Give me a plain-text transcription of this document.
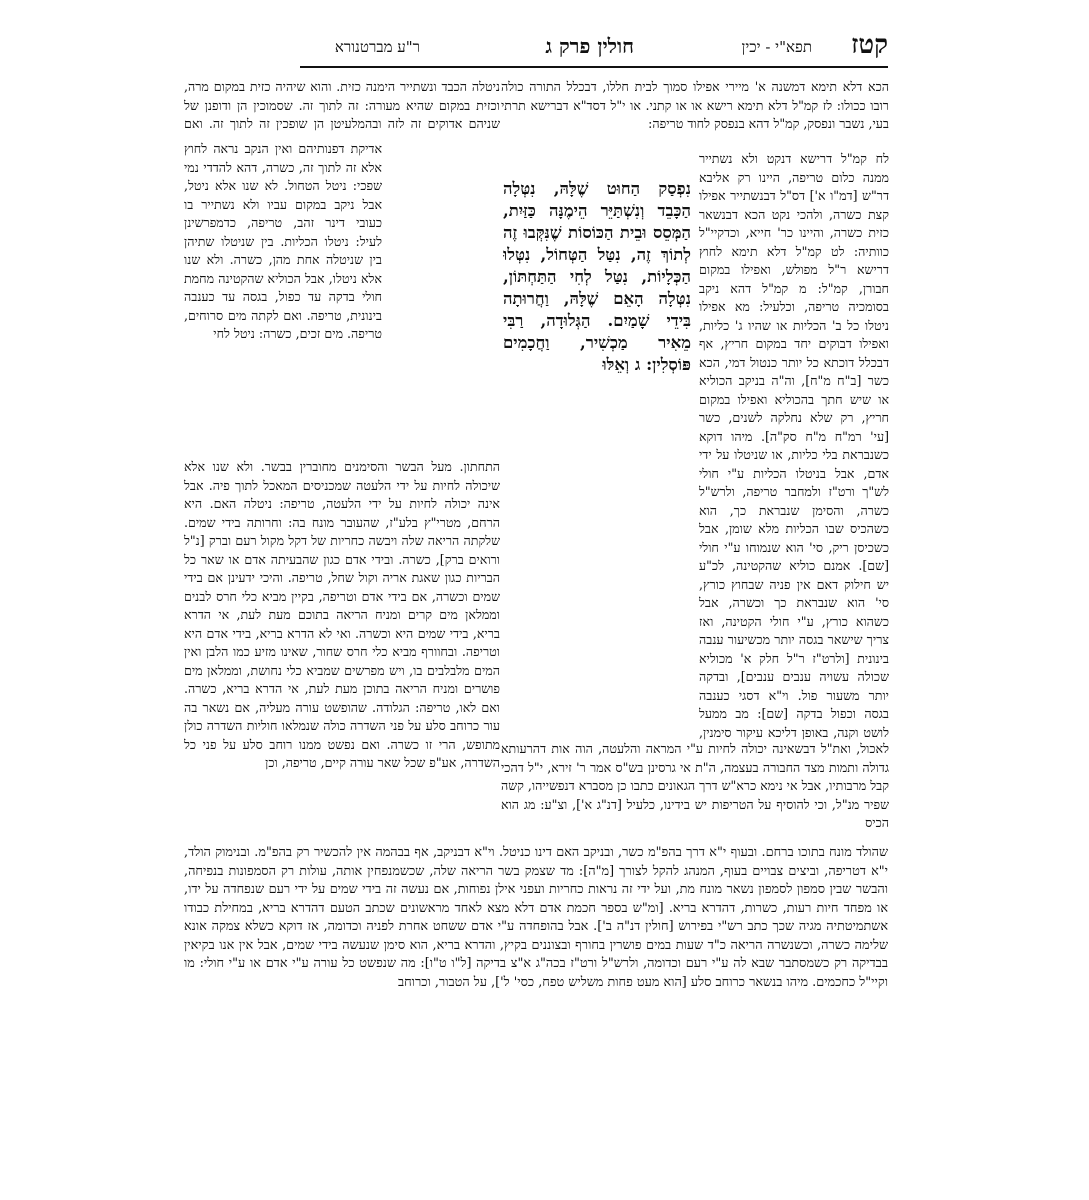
קטז
תפא"י - יכין
חולין פרק ג
ר"ע מברטנורא

הכא דלא תימא דמשנה א' מיירי אפילו סמוך לבית חללו, דבכלל התורה כולה רובו ככולו: לז קמ"ל דלא תימא רישא או או קתני. או י"ל דסד"א דברישא תרתי בעי, נשבר ונפסק, קמ"ל דהא בנפסק לחוד טריפה:

לח קמ"ל דרישא דנקט ולא נשתייר ממנה כלום טריפה, היינו רק אליבא דר"ש [דמ"ו א'] דס"ל דבנשתייר אפילו קצת כשרה, ולהכי נקט הכא דבנשאר כזית כשרה, והיינו כר' חייא, וכדקיי"ל כוותיה: לט קמ"ל דלא תימא לחוץ דרישא ר"ל מפולש, ואפילו במקום חבורן, קמ"ל: מ קמ"ל דהא ניקב בסומכיה טריפה, וכלעיל: מא אפילו ניטלו כל ב' הכליות או שהיו ג' כליות, ואפילו דבוקים יחד במקום חריץ, אף דבכלל דוכתא כל יותר כנטול דמי, הכא כשר [ב"ח מ"ח], וה"ה בניקב הכוליא או שיש חתך בהכוליא ואפילו במקום חריץ, רק שלא נחלקה לשנים, כשר [עי' רמ"ח מ"ח סק"ה]. מיהו דוקא כשנבראת בלי כליות, או שניטלו על ידי אדם, אבל בניטלו הכליות ע"י חולי לש"ך ורט"ז ולמחבר טריפה, ולרש"ל כשרה, והסימן שנבראת כך, הוא כשהכיס שבו הכליות מלא שומן, אבל כשכיסן ריק, סי' הוא שנמוחו ע"י חולי [שם]. אמנם כוליא שהקטינה, לכ"ע יש חילוק דאם אין פניה שבחוץ כורץ, סי' הוא שנבראת כך וכשרה, אבל כשהוא כורץ, ע"י חולי הקטינה, ואז צריך שישאר בגסה יותר מכשיעור ענבה בינונית [ולרט"ז ר"ל חלק א' מכוליא שכולה עשויה ענבים ענבים], ובדקה יותר משעור פול. וי"א דסגי כענבה בגסה וכפול בדקה [שם]: מב ממעל לושט וקנה, באופן דליכא עיקור סימנין,

נִפְסַק הַחוּט שֶׁלָּהּ, נִטְּלָה הַכָּבֵד וְנִשְׁתַּיֵּר הֵימֶנָּה כַּזַּיִת, הַמְּסֵס וּבֵית הַכּוֹסוֹת שֶׁנִּקְּבוּ זֶה לְתוֹךְ זֶה, נִטַּל הַטְּחוֹל, נִטְּלוּ הַכְּלָיוֹת, נִטַּל לְחִי הַתַּחְתּוֹן, נִטְּלָה הָאֵם שֶׁלָּהּ, וַחֲרוּתָה בִּידֵי שָׁמַיִם. הַגְּלוּדָה, רַבִּי מֵאִיר מַכְשִׁיר, וַחֲכָמִים פּוֹסְלִין: ג וְאֵלּוּ

לאכול, ואת"ל דבשאינה יכולה לחיות ע"י המראה והלעטה, הוה אות דהרעותא גדולה ותמות מצד החבורה בעצמה, ה"ת אי גרסינן בש"ס אמר ר' זירא, י"ל דהכי קבל מרבותיו, אבל אי נימא כרא"ש דרך הגאונים כתבו כן מסברא דנפשייהו, קשה שפיר מנ"ל, וכי להוסיף על הטריפות יש בידינו, כלעיל [דנ"ג א'], וצ"ע: מג הוא הכיס

ניטלה הכבד ונשתייר הימנה כזית. והוא שיהיה כזית במקום מרה, וכזית במקום שהיא מעורה: זה לתוך זה. שסמוכין הן ודופנן של שניהם אדוקים זה לזה ובהמלעיטן הן שופכין זה לתוך זה. ואם

אדיקת דפנותיהם ואין הנקב נראה לחוץ אלא זה לתוך זה, כשרה, דהא להדדי נמי שפכי: ניטל הטחול. לא שנו אלא ניטל, אבל ניקב במקום עביו ולא נשתייר בו כעובי דינר זהב, טריפה, כדמפרשינן לעיל: ניטלו הכליות. בין שניטלו שתיהן בין שניטלה אחת מהן, כשרה. ולא שנו אלא ניטלו, אבל הכוליא שהקטינה מחמת חולי בדקה עד כפול, בגסה עד כענבה בינונית, טריפה. ואם לקתה מים סרוחים, טריפה. מים זכים, כשרה: ניטל לחי

התחתון. מעל הבשר והסימנים מחוברין בבשר. ולא שנו אלא שיכולה לחיות על ידי הלעטה שמכניסים המאכל לתוך פיה. אבל אינה יכולה לחיות על ידי הלעטה, טריפה: ניטלה האם. היא הרחם, מטרי"ץ בלע"ז, שהעובר מונח בה: וחרותה בידי שמים. שלקתה הריאה שלה ויבשה כחריות של דקל מקול רעם וברק [נ"ל ורואים ברק], כשרה. ובידי אדם כגון שהבעיתה אדם או שאר כל הבריות כגון שאגת אריה וקול שחל, טריפה. והיכי ידעינן אם בידי שמים וכשרה, אם בידי אדם וטריפה, בקיין מביא כלי חרס לבנים וממלאן מים קרים ומניח הריאה בתוכם מעת לעת, אי הדרא בריא, בידי שמים היא וכשרה. ואי לא הדרא בריא, בידי אדם היא וטריפה. ובחוורף מביא כלי חרס שחור, שאינו מזיע כמו הלבן ואין המים מלבלבים בו, ויש מפרשים שמביא כלי נחושת, וממלאן מים פושרים ומניח הריאה בתוכן מעת לעת, אי הדרא בריא, כשרה. ואם לאו, טריפה: הגלודה. שהופשט עורה מעליה, אם נשאר בה עור כרוחב סלע על פני השדרה כולה שנמלאו חוליות השדרה כולן מתופש, הרי זו כשרה. ואם נפשט ממנו רוחב סלע על פני כל השדרה, אע"פ שכל שאר עורה קיים, טריפה, וכן

שהולד מונח בתוכו ברחם. ובעוף י"א דרך בהפ"מ כשר, ובניקב האם דינו כניטל. וי"א דבניקב, אף בבהמה אין להכשיר רק בהפ"מ. ובנימוק הולד, י"א דטריפה, וביצים צבויים בעוף, המנהג להקל לצורך [מ"ה]: מד שצמק בשר הריאה שלה, שכשמנפחין אותה, עולות רק הסמפונות בנפיחה, והבשר שבין סמפון לסמפון נשאר מונח מת, ועל ידי זה נראות כחריות ועפני אילן נפוחות, אם נעשה זה בידי שמים על ידי רעם שנפחדה על ידו, או מפחד חיות רעות, כשרות, דהדרא בריא. [ומ"ש בספר חכמת אדם דלא מצא לאחד מראשונים שכתב הטעם דהדרא בריא, במחילת כבודו אשתמיטתיה מגיה שכך כתב רש"י בפירוש [חולין דנ"ה ב']. אבל בהופחדה ע"י אדם ששחט אחרת לפניה וכדומה, אז דוקא כשלא צמקה אונא שלימה כשרה, וכשנשרה הריאה כ"ד שעות במים פושרין בחורף ובצוננים בקיץ, והדרא בריא, הוא סימן שנעשה בידי שמים, אבל אין אנו בקיאין בבדיקה רק כשמסתבר שבא לה ע"י רעם וכדומה, ולרש"ל ורט"ז בכה"ג א"צ בדיקה [ל"ו ט"ו]: מה שנפשט כל עורה ע"י אדם או ע"י חולי: מו וקיי"ל כחכמים. מיהו בנשאר כרוחב סלע [הוא מעט פחות משליש טפח, כסי' ל'], על הטבור, וכרוחב
